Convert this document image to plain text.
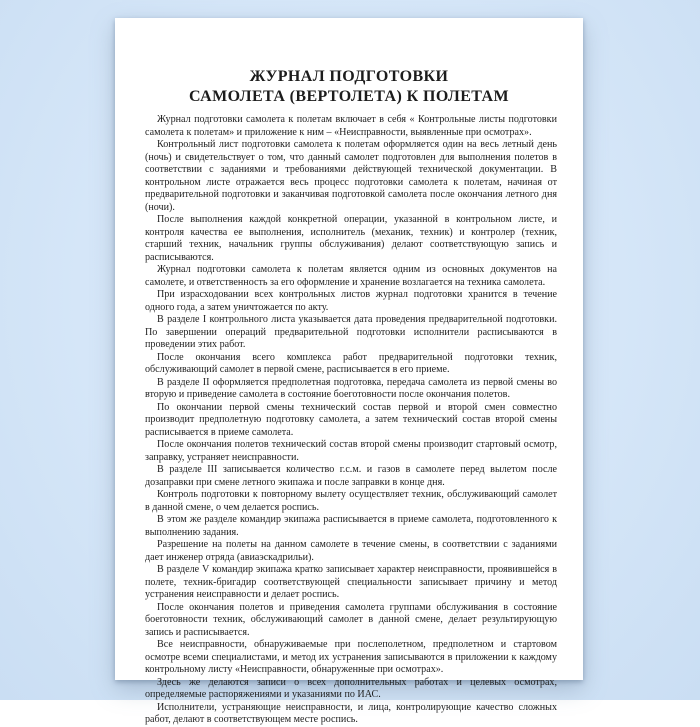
ЖУРНАЛ ПОДГОТОВКИ
САМОЛЕТА (ВЕРТОЛЕТА) К ПОЛЕТАМ

Журнал подготовки самолета к полетам включает в себя « Контрольные листы подготовки самолета к полетам» и приложение к ним – «Неисправности, выявленные при осмотрах».

Контрольный лист подготовки самолета к полетам оформляется один на весь летный день (ночь) и свидетельствует о том, что данный самолет подготовлен для выполнения полетов в соответствии с заданиями и требованиями действующей технической документации. В контрольном листе отражается весь процесс подготовки самолета к полетам, начиная от предварительной подготовки и заканчивая подготовкой самолета после окончания летного дня (ночи).

После выполнения каждой конкретной операции, указанной в контрольном листе, и контроля качества ее выполнения, исполнитель (механик, техник) и контролер (техник, старший техник, начальник группы обслуживания) делают соответствующую запись и расписываются.

Журнал подготовки самолета к полетам является одним из основных документов на самолете, и ответственность за его оформление и хранение возлагается на техника самолета.

При израсходовании всех контрольных листов журнал подготовки хранится в течение одного года, а затем уничтожается по акту.

В разделе I контрольного листа указывается дата проведения предварительной подготовки. По завершении операций предварительной подготовки исполнители расписываются в проведении этих работ.

После окончания всего комплекса работ предварительной подготовки техник, обслуживающий самолет в первой смене, расписывается в его приеме.

В разделе II оформляется предполетная подготовка, передача самолета из первой смены во вторую и приведение самолета в состояние боеготовности после окончания полетов.

По окончании первой смены технический состав первой и второй смен совместно производит предполетную подготовку самолета, а затем технический состав второй смены расписывается в приеме самолета.

После окончания полетов технический состав второй смены производит стартовый осмотр, заправку, устраняет неисправности.

В разделе III записывается количество г.с.м. и газов в самолете перед вылетом после дозаправки при смене летного экипажа и после заправки в конце дня.

Контроль подготовки к повторному вылету осуществляет техник, обслуживающий самолет в данной смене, о чем делается роспись.

В этом же разделе командир экипажа расписывается в приеме самолета, подготовленного к выполнению задания.

Разрешение на полеты на данном самолете в течение смены, в соответствии с заданиями дает инженер отряда (авиаэскадрильи).

В разделе V командир экипажа кратко записывает характер неисправности, проявившейся в полете, техник-бригадир соответствующей специальности записывает причину и метод устранения неисправности и делает роспись.

После окончания полетов и приведения самолета группами обслуживания в состояние боеготовности техник, обслуживающий самолет в данной смене, делает результирующую запись и расписывается.

Все неисправности, обнаруживаемые при послеполетном, предполетном и стартовом осмотре всеми специалистами, и метод их устранения записываются в приложении к каждому контрольному листу «Неисправности, обнаруженные при осмотрах».

Здесь же делаются записи о всех дополнительных работах и целевых осмотрах, определяемые распоряжениями и указаниями по ИАС.

Исполнители, устраняющие неисправности, и лица, контролирующие качество сложных работ, делают в соответствующем месте роспись.
